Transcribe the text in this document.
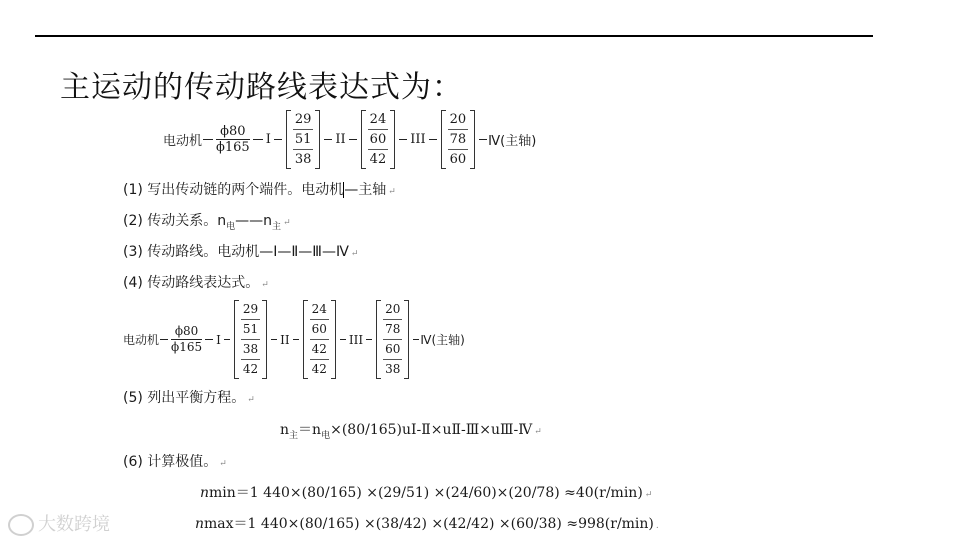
主运动的传动路线表达式为：
电动机 $\frac{\phi 80}{\phi 165}$ I
29
51
38
II
24
60
42
III
20
78
60
Ⅳ(主轴)
(1) 写出传动链的两个端件。电动机—主轴 ↵
(2) 传动关系。$n_电——n_主$ ↵
(3) 传动路线。电动机—Ⅰ—Ⅱ—Ⅲ—Ⅳ ↵
(4) 传动路线表达式。 ↵
电动机 $\frac{\phi 80}{\phi 165}$ I
29
51
38
42
II
24
60
42
42
III
20
78
60
38
Ⅳ(主轴)
(5) 列出平衡方程。 ↵
$n_主=n_电\times(80/165)uⅠ-Ⅱ\times uⅡ-Ⅲ\times uⅢ-Ⅳ$ ↵
(6) 计算极值。 ↵
nmin＝1 440×(80/165) ×(29/51) ×(24/60)×(20/78) ≈40(r/min) ↵
nmax＝1 440×(80/165) ×(38/42) ×(42/42) ×(60/38) ≈998(r/min) .
大数跨境
